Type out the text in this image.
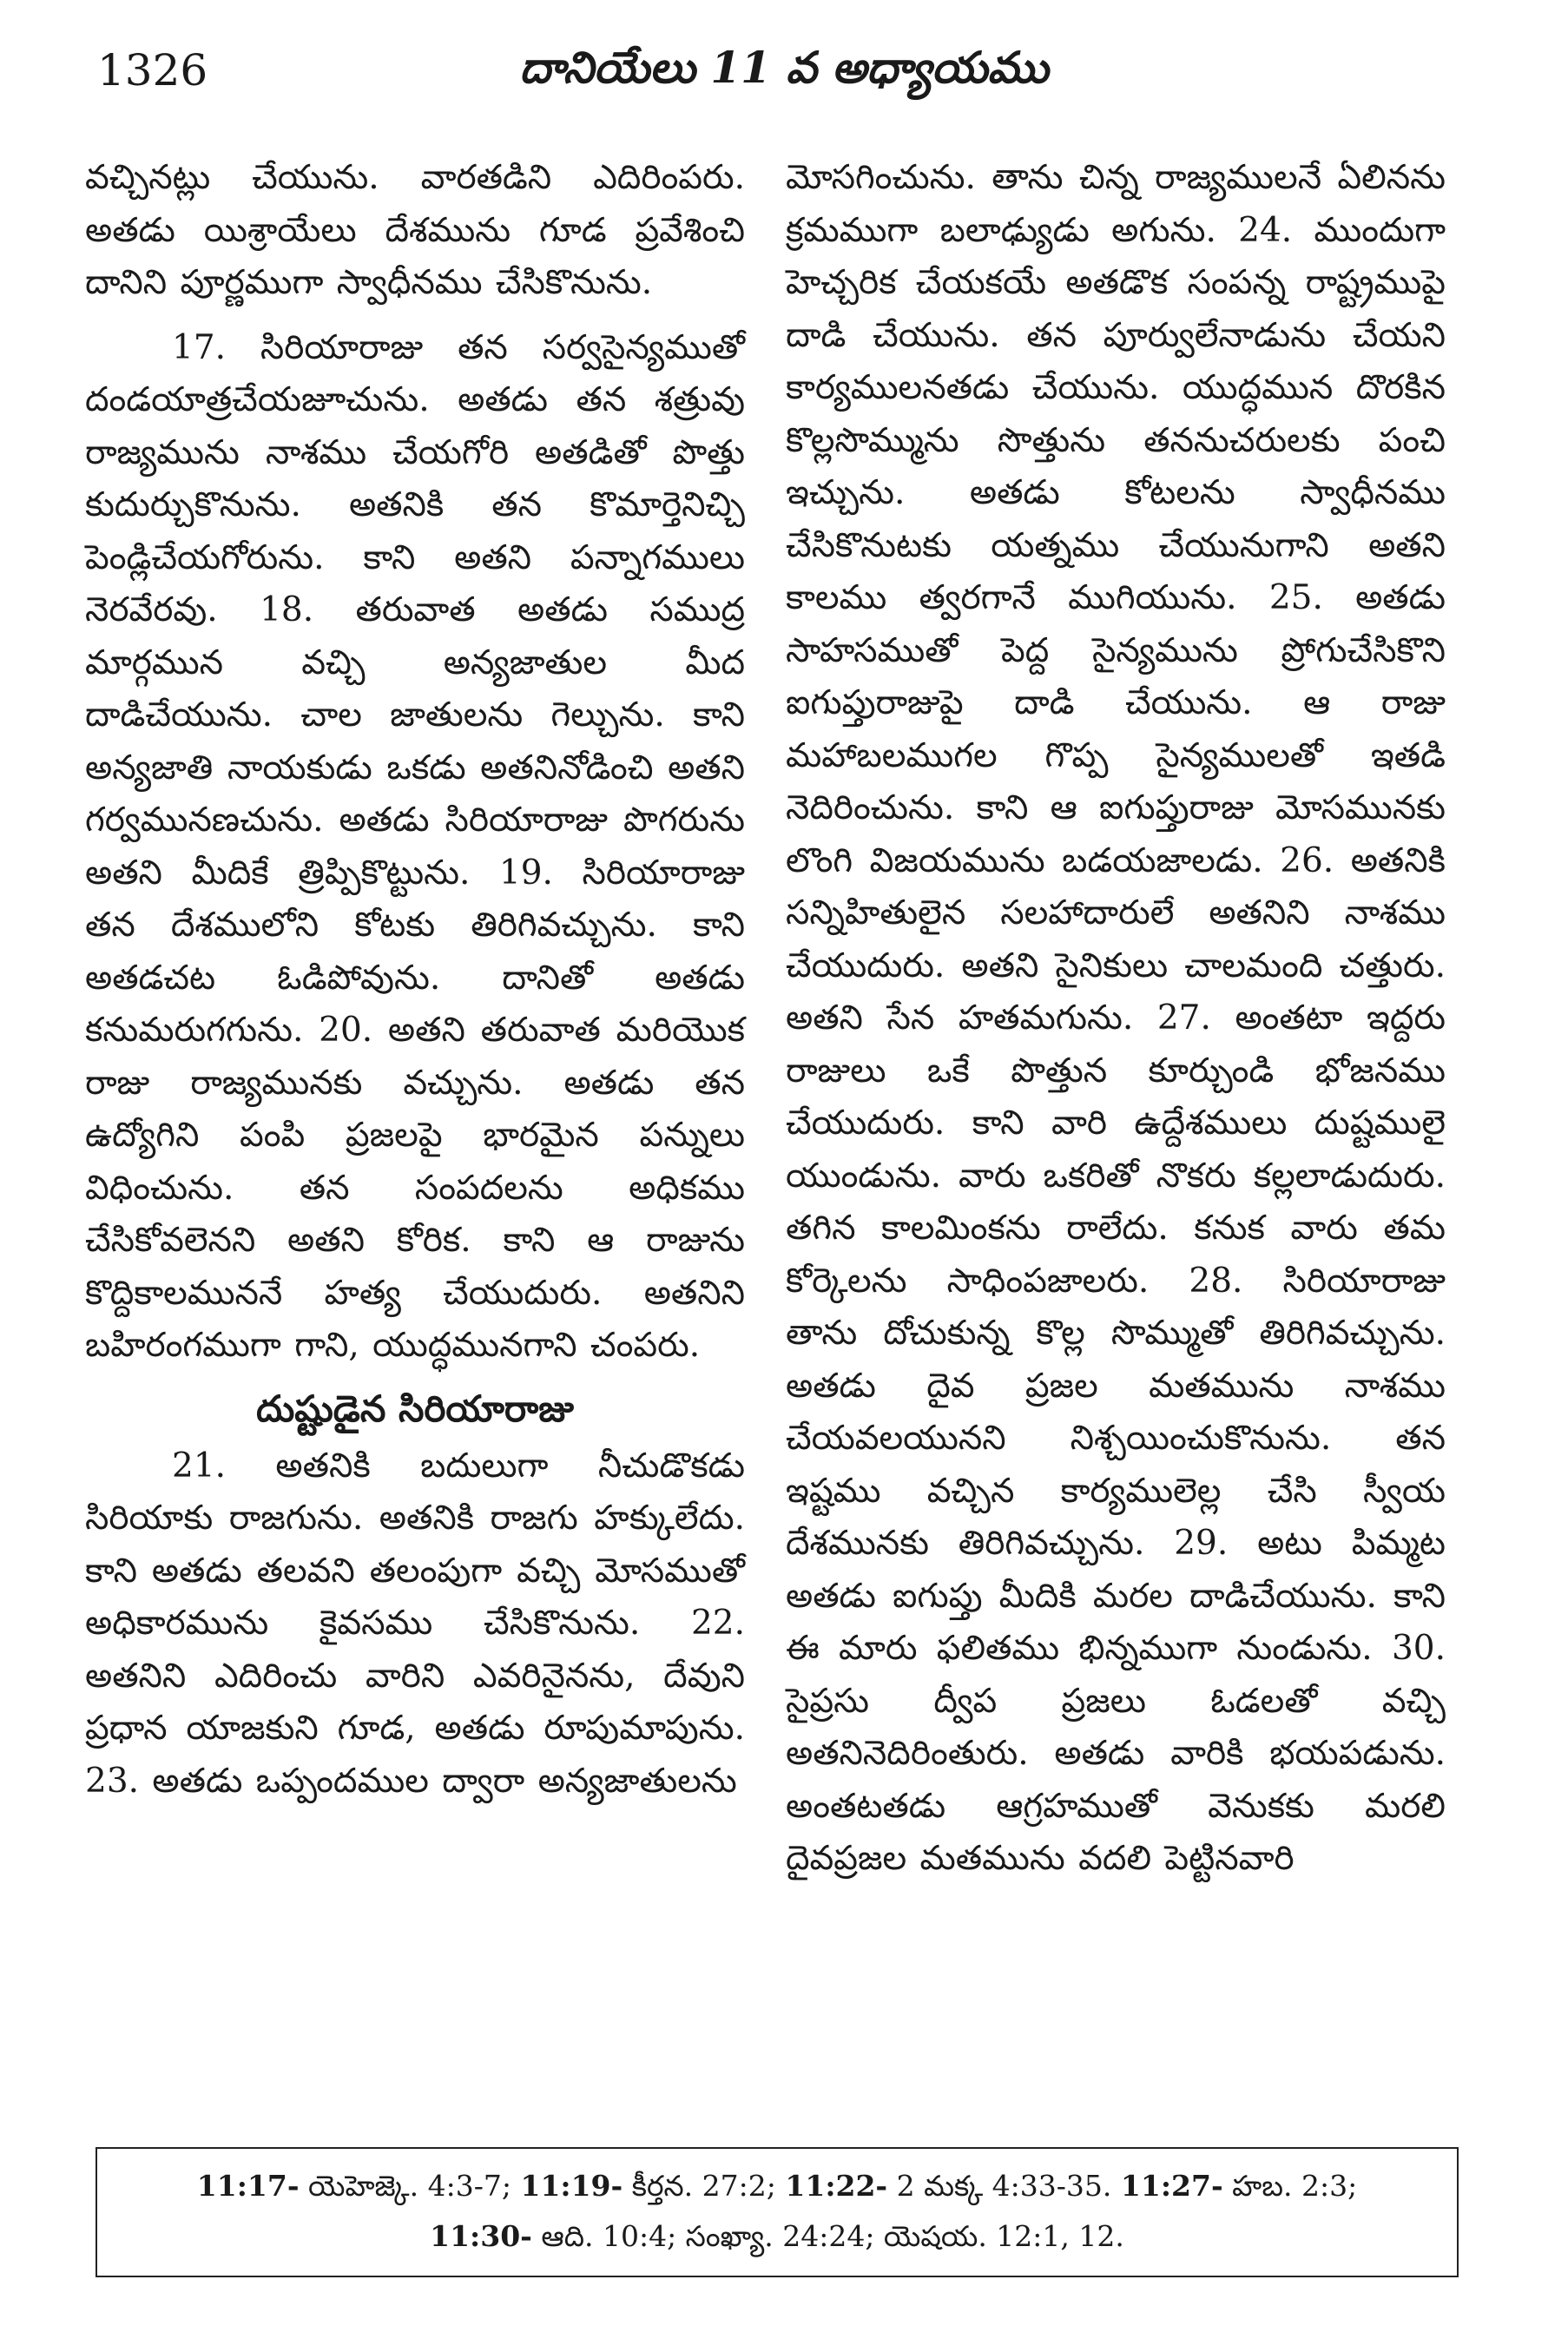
1326	దానియేలు 11 వ అధ్యాయము

వచ్చినట్లు చేయును. వారతడిని ఎదిరింపరు. అతడు యిశ్రాయేలు దేశమును గూడ ప్రవేశించి దానిని పూర్ణముగా స్వాధీనము చేసికొనును.

17. సిరియారాజు తన సర్వసైన్యముతో దండయాత్రచేయజూచును. అతడు తన శత్రువు రాజ్యమును నాశము చేయగోరి అతడితో పొత్తు కుదుర్చుకొనును. అతనికి తన కొమార్తెనిచ్చి పెండ్లిచేయగోరును. కాని అతని పన్నాగములు నెరవేరవు. 18. తరువాత అతడు సముద్ర మార్గమున వచ్చి అన్యజాతుల మీద దాడిచేయును. చాల జాతులను గెల్చును. కాని అన్యజాతి నాయకుడు ఒకడు అతనినోడించి అతని గర్వమునణచును. అతడు సిరియారాజు పొగరును అతని మీదికే త్రిప్పికొట్టును. 19. సిరియారాజు తన దేశములోని కోటకు తిరిగివచ్చును. కాని అతడచట ఓడిపోవును. దానితో అతడు కనుమరుగగును. 20. అతని తరువాత మరియొక రాజు రాజ్యమునకు వచ్చును. అతడు తన ఉద్యోగిని పంపి ప్రజలపై భారమైన పన్నులు విధించును. తన సంపదలను అధికము చేసికోవలెనని అతని కోరిక. కాని ఆ రాజును కొద్దికాలముననే హత్య చేయుదురు. అతనిని బహిరంగముగా గాని, యుద్ధమునగాని చంపరు.

దుష్టుడైన సిరియారాజు

21. అతనికి బదులుగా నీచుడొకడు సిరియాకు రాజగును. అతనికి రాజగు హక్కులేదు. కాని అతడు తలవని తలంపుగా వచ్చి మోసముతో అధికారమును కైవసము చేసికొనును. 22. అతనిని ఎదిరించు వారిని ఎవరినైనను, దేవుని ప్రధాన యాజకుని గూడ, అతడు రూపుమాపును. 23. అతడు ఒప్పందముల ద్వారా అన్యజాతులను

మోసగించును. తాను చిన్న రాజ్యములనే ఏలినను క్రమముగా బలాఢ్యుడు అగును. 24. ముందుగా హెచ్చరిక చేయకయే అతడొక సంపన్న రాష్ట్రముపై దాడి చేయును. తన పూర్వులేనాడును చేయని కార్యములనతడు చేయును. యుద్ధమున దొరకిన కొల్లసొమ్మును సొత్తును తననుచరులకు పంచి ఇచ్చును. అతడు కోటలను స్వాధీనము చేసికొనుటకు యత్నము చేయునుగాని అతని కాలము త్వరగానే ముగియును. 25. అతడు సాహసముతో పెద్ద సైన్యమును ప్రోగుచేసికొని ఐగుప్తురాజుపై దాడి చేయును. ఆ రాజు మహాబలముగల గొప్ప సైన్యములతో ఇతడి నెదిరించును. కాని ఆ ఐగుప్తురాజు మోసమునకు లొంగి విజయమును బడయజాలడు. 26. అతనికి సన్నిహితులైన సలహాదారులే అతనిని నాశము చేయుదురు. అతని సైనికులు చాలమంది చత్తురు. అతని సేన హతమగును. 27. అంతటా ఇద్దరు రాజులు ఒకే పొత్తున కూర్చుండి భోజనము చేయుదురు. కాని వారి ఉద్దేశములు దుష్టములై యుండును. వారు ఒకరితో నొకరు కల్లలాడుదురు. తగిన కాలమింకను రాలేదు. కనుక వారు తమ కోర్కెలను సాధింపజాలరు. 28. సిరియారాజు తాను దోచుకున్న కొల్ల సొమ్ముతో తిరిగివచ్చును. అతడు దైవ ప్రజల మతమును నాశము చేయవలయునని నిశ్చయించుకొనును. తన ఇష్టము వచ్చిన కార్యములెల్ల చేసి స్వీయ దేశమునకు తిరిగివచ్చును. 29. అటు పిమ్మట అతడు ఐగుప్తు మీదికి మరల దాడిచేయును. కాని ఈ మారు ఫలితము భిన్నముగా నుండును. 30. సైప్రసు ద్వీప ప్రజలు ఓడలతో వచ్చి అతనినెదిరింతురు. అతడు వారికి భయపడును. అంతటతడు ఆగ్రహముతో వెనుకకు మరలి దైవప్రజల మతమును వదలి పెట్టినవారి

11:17- యెహెజ్కె. 4:3-7; 11:19- కీర్తన. 27:2; 11:22- 2 మక్క 4:33-35. 11:27- హబ. 2:3;
11:30- ఆది. 10:4; సంఖ్యా. 24:24; యెషయ. 12:1, 12.
